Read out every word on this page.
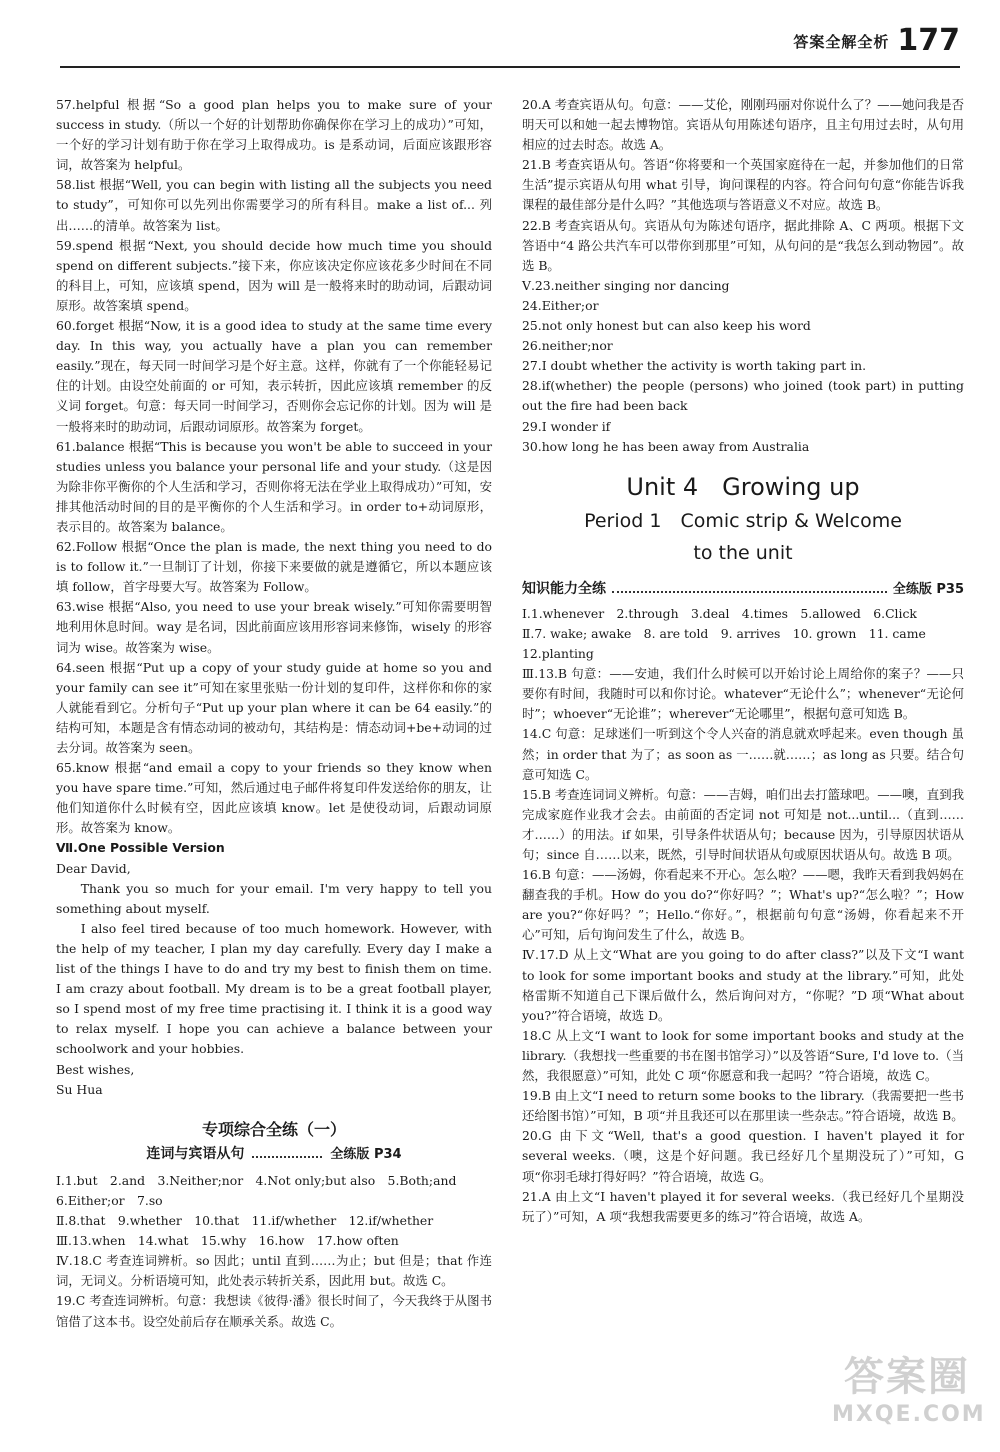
答案全解全析 177

57.helpful 根据“So a good plan helps you to make sure of your success in study.（所以一个好的计划帮助你确保你在学习上的成功）”可知，一个好的学习计划有助于你在学习上取得成功。is 是系动词，后面应该跟形容词，故答案为 helpful。

58.list 根据“Well, you can begin with listing all the subjects you need to study”，可知你可以先列出你需要学习的所有科目。make a list of... 列出……的清单。故答案为 list。

59.spend 根据“Next, you should decide how much time you should spend on different subjects.”接下来，你应该决定你应该花多少时间在不同的科目上，可知，应该填 spend，因为 will 是一般将来时的助动词，后跟动词原形。故答案填 spend。

60.forget 根据“Now, it is a good idea to study at the same time every day. In this way, you actually have a plan you can remember easily.”现在，每天同一时间学习是个好主意。这样，你就有了一个你能轻易记住的计划。由设空处前面的 or 可知，表示转折，因此应该填 remember 的反义词 forget。句意：每天同一时间学习，否则你会忘记你的计划。因为 will 是一般将来时的助动词，后跟动词原形。故答案为 forget。

61.balance 根据“This is because you won't be able to succeed in your studies unless you balance your personal life and your study.（这是因为除非你平衡你的个人生活和学习，否则你将无法在学业上取得成功）”可知，安排其他活动时间的目的是平衡你的个人生活和学习。in order to+动词原形，表示目的。故答案为 balance。

62.Follow 根据“Once the plan is made, the next thing you need to do is to follow it.”一旦制订了计划，你接下来要做的就是遵循它，所以本题应该填 follow，首字母要大写。故答案为 Follow。

63.wise 根据“Also, you need to use your break wisely.”可知你需要明智地利用休息时间。way 是名词，因此前面应该用形容词来修饰，wisely 的形容词为 wise。故答案为 wise。

64.seen 根据“Put up a copy of your study guide at home so you and your family can see it”可知在家里张贴一份计划的复印件，这样你和你的家人就能看到它。分析句子“Put up your plan where it can be 64 easily.”的结构可知，本题是含有情态动词的被动句，其结构是：情态动词+be+动词的过去分词。故答案为 seen。

65.know 根据“and email a copy to your friends so they know when you have spare time.”可知，然后通过电子邮件将复印件发送给你的朋友，让他们知道你什么时候有空，因此应该填 know。let 是使役动词，后跟动词原形。故答案为 know。

Ⅶ.One Possible Version

Dear David,

Thank you so much for your email. I'm very happy to tell you something about myself.

I also feel tired because of too much homework. However, with the help of my teacher, I plan my day carefully. Every day I make a list of the things I have to do and try my best to finish them on time. I am crazy about football. My dream is to be a great football player, so I spend most of my free time practising it. I think it is a good way to relax myself. I hope you can achieve a balance between your schoolwork and your hobbies.

Best wishes,

Su Hua

专项综合全练（一）
连词与宾语从句	全练版 P34

Ⅰ.1.but　2.and　3.Neither;nor　4.Not only;but also　5.Both;and

6.Either;or　7.so

Ⅱ.8.that　9.whether　10.that　11.if/whether　12.if/whether

Ⅲ.13.when　14.what　15.why　16.how　17.how often

Ⅳ.18.C 考查连词辨析。so 因此；until 直到……为止；but 但是；that 作连词，无词义。分析语境可知，此处表示转折关系，因此用 but。故选 C。

19.C 考查连词辨析。句意：我想读《彼得·潘》很长时间了，今天我终于从图书馆借了这本书。设空处前后存在顺承关系。故选 C。

20.A 考查宾语从句。句意：——艾伦，刚刚玛丽对你说什么了？——她问我是否明天可以和她一起去博物馆。宾语从句用陈述句语序，且主句用过去时，从句用相应的过去时态。故选 A。

21.B 考查宾语从句。答语“你将要和一个英国家庭待在一起，并参加他们的日常生活”提示宾语从句用 what 引导，询问课程的内容。符合问句句意“你能告诉我课程的最佳部分是什么吗？”其他选项与答语意义不对应。故选 B。

22.B 考查宾语从句。宾语从句为陈述句语序，据此排除 A、C 两项。根据下文答语中“4 路公共汽车可以带你到那里”可知，从句问的是“我怎么到动物园”。故选 B。

Ⅴ.23.neither singing nor dancing

24.Either;or

25.not only honest but can also keep his word

26.neither;nor

27.I doubt whether the activity is worth taking part in.

28.if(whether) the people (persons) who joined (took part) in putting out the fire had been back

29.I wonder if

30.how long he has been away from Australia

Unit 4　Growing up

Period 1　Comic strip & Welcome

to the unit

知识能力全练	全练版 P35

Ⅰ.1.whenever　2.through　3.deal　4.times　5.allowed　6.Click

Ⅱ.7. wake; awake　8. are told　9. arrives　10. grown　11. came

12.planting

Ⅲ.13.B 句意：——安迪，我们什么时候可以开始讨论上周给你的案子？——只要你有时间，我随时可以和你讨论。whatever“无论什么”；whenever“无论何时”；whoever“无论谁”；wherever“无论哪里”，根据句意可知选 B。

14.C 句意：足球迷们一听到这个令人兴奋的消息就欢呼起来。even though 虽然；in order that 为了；as soon as 一……就……；as long as 只要。结合句意可知选 C。

15.B 考查连词词义辨析。句意：——吉姆，咱们出去打篮球吧。——噢，直到我完成家庭作业我才会去。由前面的否定词 not 可知是 not...until...（直到……才……）的用法。if 如果，引导条件状语从句；because 因为，引导原因状语从句；since 自……以来，既然，引导时间状语从句或原因状语从句。故选 B 项。

16.B 句意：——汤姆，你看起来不开心。怎么啦？——嗯，我昨天看到我妈妈在翻查我的手机。How do you do?“你好吗？”；What's up?“怎么啦？”；How are you?“你好吗？”；Hello.“你好。”，根据前句句意“汤姆，你看起来不开心”可知，后句询问发生了什么，故选 B。

Ⅳ.17.D 从上文“What are you going to do after class?”以及下文“I want to look for some important books and study at the library.”可知，此处格雷斯不知道自己下课后做什么，然后询问对方，“你呢？”D 项“What about you?”符合语境，故选 D。

18.C 从上文“I want to look for some important books and study at the library.（我想找一些重要的书在图书馆学习）”以及答语“Sure, I'd love to.（当然，我很愿意）”可知，此处 C 项“你愿意和我一起吗？”符合语境，故选 C。

19.B 由上文“I need to return some books to the library.（我需要把一些书还给图书馆）”可知，B 项“并且我还可以在那里读一些杂志。”符合语境，故选 B。

20.G 由下文“Well, that's a good question. I haven't played it for several weeks.（噢，这是个好问题。我已经好几个星期没玩了）”可知，G 项“你羽毛球打得好吗？”符合语境，故选 G。

21.A 由上文“I haven't played it for several weeks.（我已经好几个星期没玩了）”可知，A 项“我想我需要更多的练习”符合语境，故选 A。

答案圈
MXQE.COM
